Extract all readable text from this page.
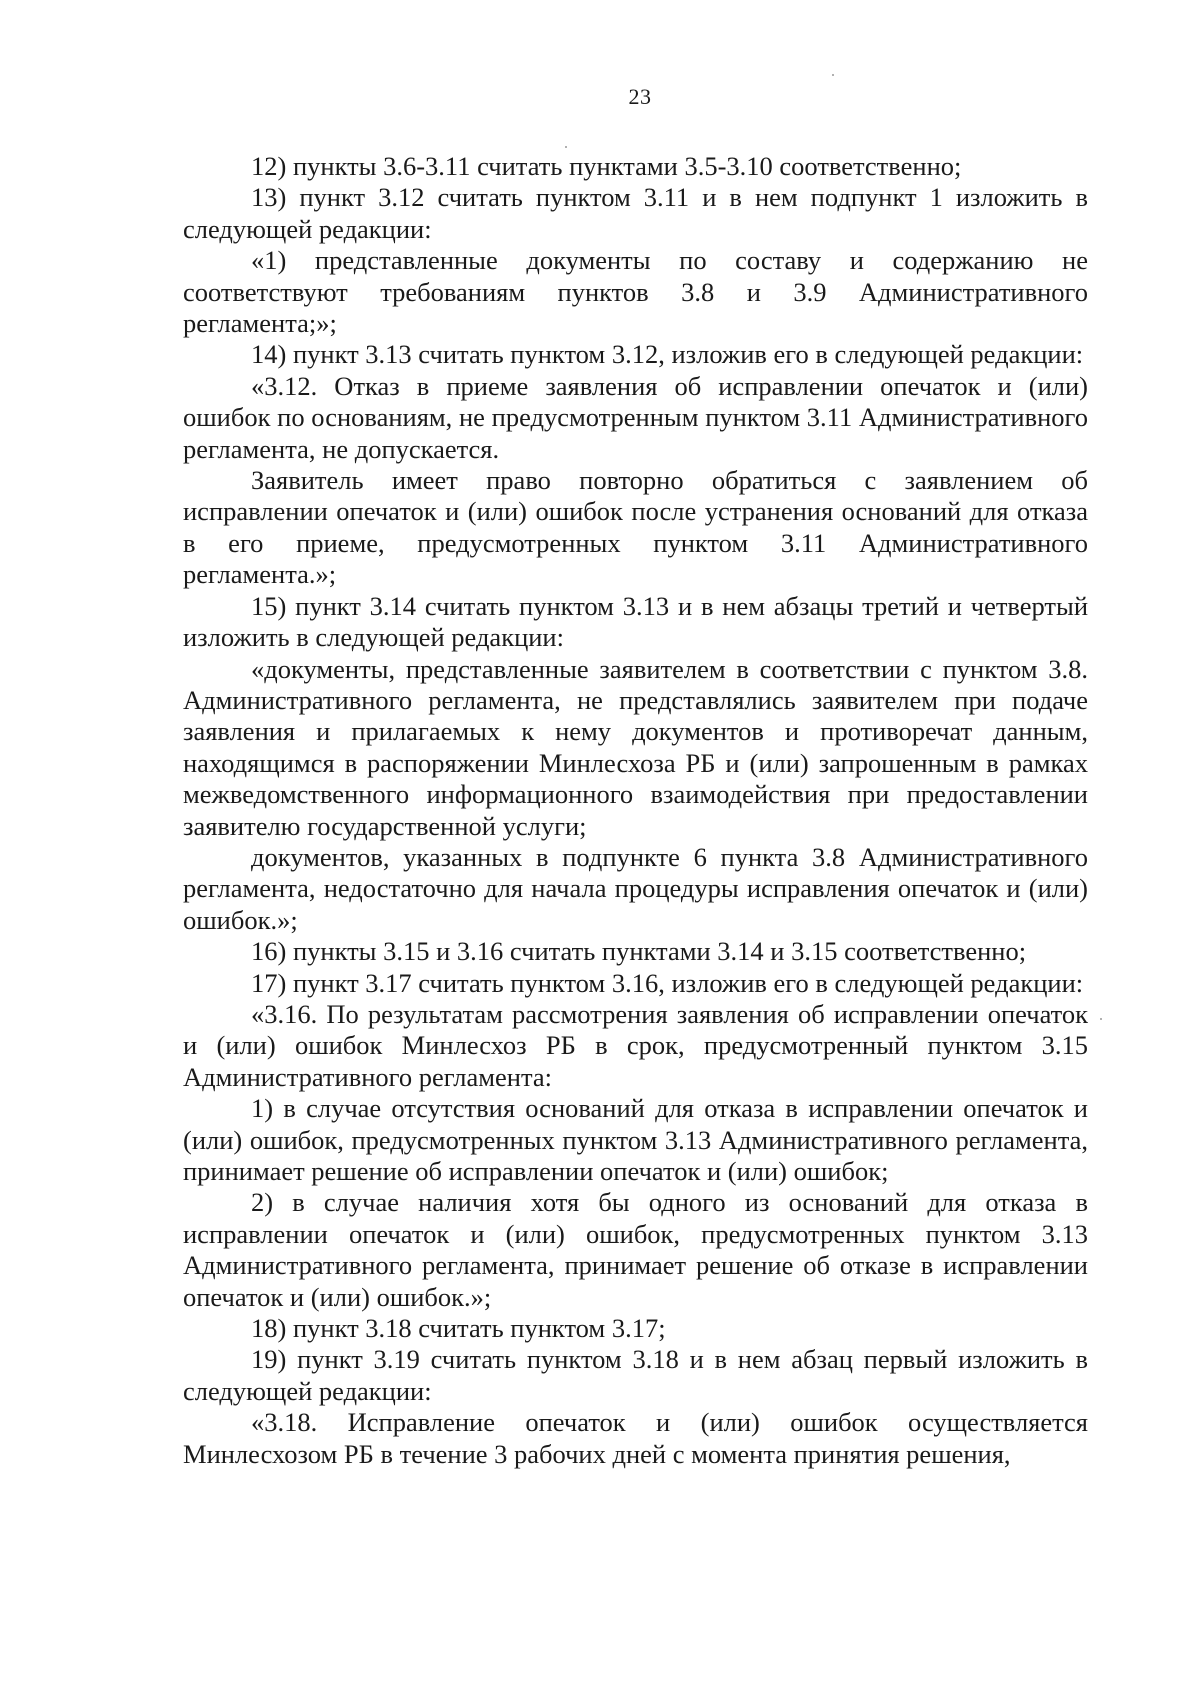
23

12) пункты 3.6-3.11 считать пунктами 3.5-3.10 соответственно;

13) пункт 3.12 считать пунктом 3.11 и в нем подпункт 1 изложить в следующей редакции:

«1) представленные документы по составу и содержанию не соответствуют требованиям пунктов 3.8 и 3.9 Административного регламента;»;

14) пункт 3.13 считать пунктом 3.12, изложив его в следующей редакции:

«3.12. Отказ в приеме заявления об исправлении опечаток и (или) ошибок по основаниям, не предусмотренным пунктом 3.11 Административного регламента, не допускается.

Заявитель имеет право повторно обратиться с заявлением об исправлении опечаток и (или) ошибок после устранения оснований для отказа в его приеме, предусмотренных пунктом 3.11 Административного регламента.»;

15) пункт 3.14 считать пунктом 3.13 и в нем абзацы третий и четвертый изложить в следующей редакции:

«документы, представленные заявителем в соответствии с пунктом 3.8. Административного регламента, не представлялись заявителем при подаче заявления и прилагаемых к нему документов и противоречат данным, находящимся в распоряжении Минлесхоза РБ и (или) запрошенным в рамках межведомственного информационного взаимодействия при предоставлении заявителю государственной услуги;

документов, указанных в подпункте 6 пункта 3.8 Административного регламента, недостаточно для начала процедуры исправления опечаток и (или) ошибок.»;

16) пункты 3.15 и 3.16 считать пунктами 3.14 и 3.15 соответственно;

17) пункт 3.17 считать пунктом 3.16, изложив его в следующей редакции:

«3.16. По результатам рассмотрения заявления об исправлении опечаток и (или) ошибок Минлесхоз РБ в срок, предусмотренный пунктом 3.15 Административного регламента:

1) в случае отсутствия оснований для отказа в исправлении опечаток и (или) ошибок, предусмотренных пунктом 3.13 Административного регламента, принимает решение об исправлении опечаток и (или) ошибок;

2) в случае наличия хотя бы одного из оснований для отказа в исправлении опечаток и (или) ошибок, предусмотренных пунктом 3.13 Административного регламента, принимает решение об отказе в исправлении опечаток и (или) ошибок.»;

18) пункт 3.18 считать пунктом 3.17;

19) пункт 3.19 считать пунктом 3.18 и в нем абзац первый изложить в следующей редакции:

«3.18. Исправление опечаток и (или) ошибок осуществляется Минлесхозом РБ в течение 3 рабочих дней с момента принятия решения,
